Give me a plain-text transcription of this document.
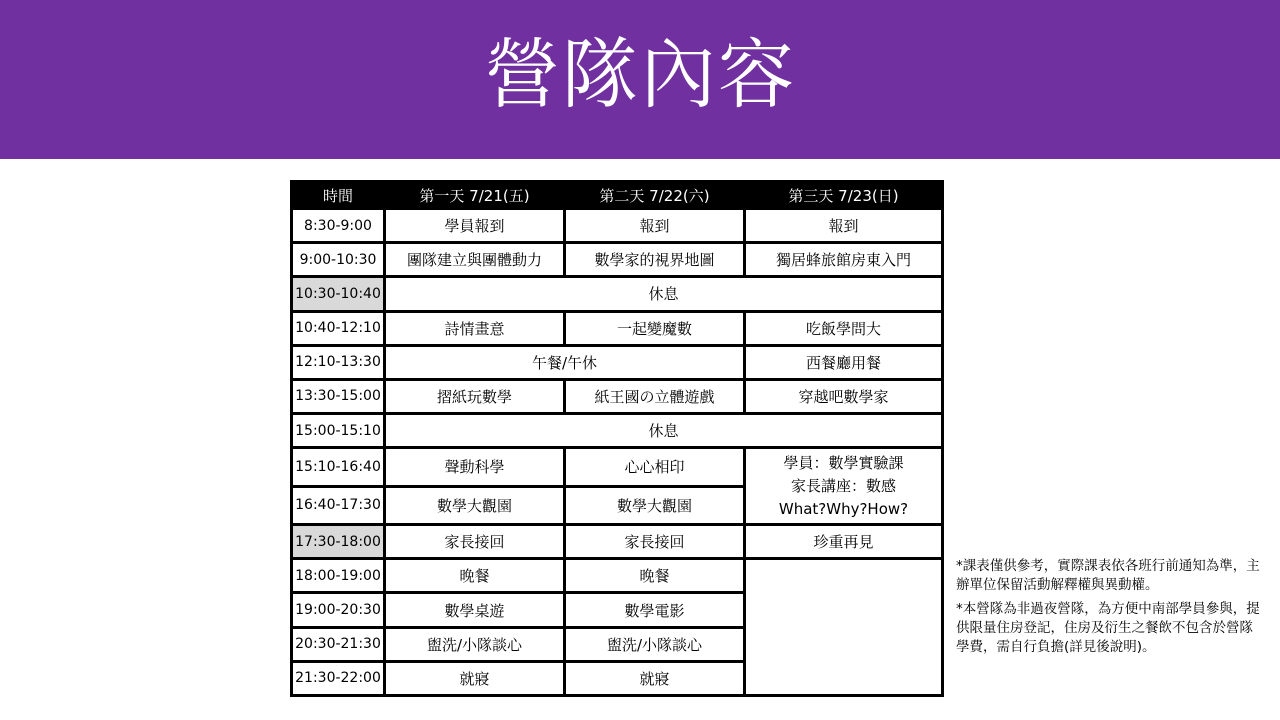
營隊內容
時間	第一天 7/21(五)	第二天 7/22(六)	第三天 7/23(日)
8:30-9:00	學員報到	報到	報到
9:00-10:30	團隊建立與團體動力	數學家的視界地圖	獨居蜂旅館房東入門
10:30-10:40	休息		
10:40-12:10	詩情畫意	一起變魔數	吃飯學問大
12:10-13:30	午餐/午休		西餐廳用餐
13:30-15:00	摺紙玩數學	紙王國の立體遊戲	穿越吧數學家
15:00-15:10	休息		
15:10-16:40	聲動科學	心心相印	學員：數學實驗課
家長講座：數感
What?Why?How?

16:40-17:30	數學大觀園	數學大觀園	
17:30-18:00	家長接回	家長接回	珍重再見
18:00-19:00	晚餐	晚餐	
19:00-20:30	數學桌遊	數學電影	
20:30-21:30	盥洗/小隊談心	盥洗/小隊談心	
21:30-22:00	就寢	就寢	

*課表僅供參考，實際課表依各班行前通知為準，主辦單位保留活動解釋權與異動權。

*本營隊為非過夜營隊，為方便中南部學員參與，提供限量住房登記，住房及衍生之餐飲不包含於營隊學費，需自行負擔(詳見後說明)。
